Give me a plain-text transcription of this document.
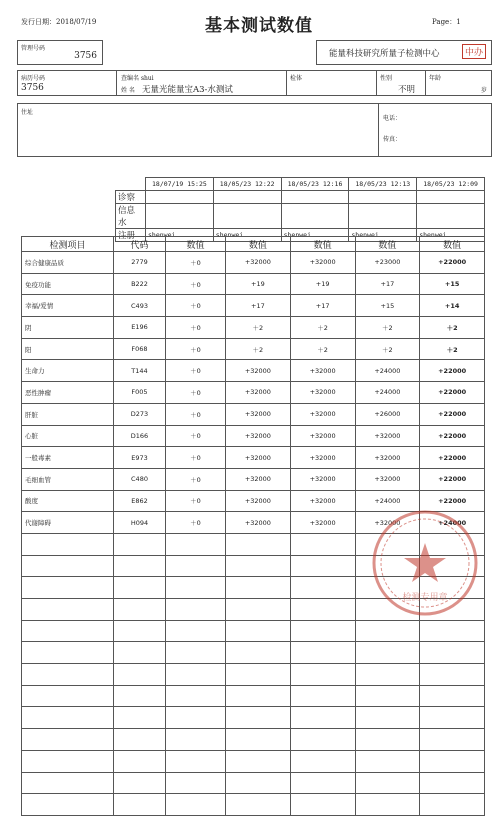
发行日期：2018/07/19	基本测试数值	Page：1
管理号码
3756	能量科技研究所量子检测中心	中办
病历号码
3756
查编名 shui
姓 名 无量光能量宝A3-水测试
检体	性别
不明
年龄
岁
住址
电话：
传真：
	18/07/19 15:25	18/05/23 12:22	18/05/23 12:16	18/05/23 12:13	18/05/23 12:09
诊察					
信息水					
注册	shenwei	shenwei	shenwei	shenwei	shenwei
检测项目	代码	数值	数值	数值	数值	数值
综合健康品质	2779	＋0	+32000	+32000	+23000	+22000
免疫功能	B222	＋0	+19	+19	+17	+15
幸福/爱情	C493	＋0	+17	+17	+15	+14
阴	E196	＋0	＋2	＋2	＋2	＋2
阳	F068	＋0	＋2	＋2	＋2	＋2
生命力	T144	＋0	+32000	+32000	+24000	+22000
恶性肿瘤	F005	＋0	+32000	+32000	+24000	+22000
肝脏	D273	＋0	+32000	+32000	+26000	+22000
心脏	D166	＋0	+32000	+32000	+32000	+22000
一般毒素	E973	＋0	+32000	+32000	+32000	+22000
毛细血管	C480	＋0	+32000	+32000	+32000	+22000
酸度	E862	＋0	+32000	+32000	+24000	+22000
代谢障碍	H094	＋0	+32000	+32000	+32000	+24000

检测专用章
